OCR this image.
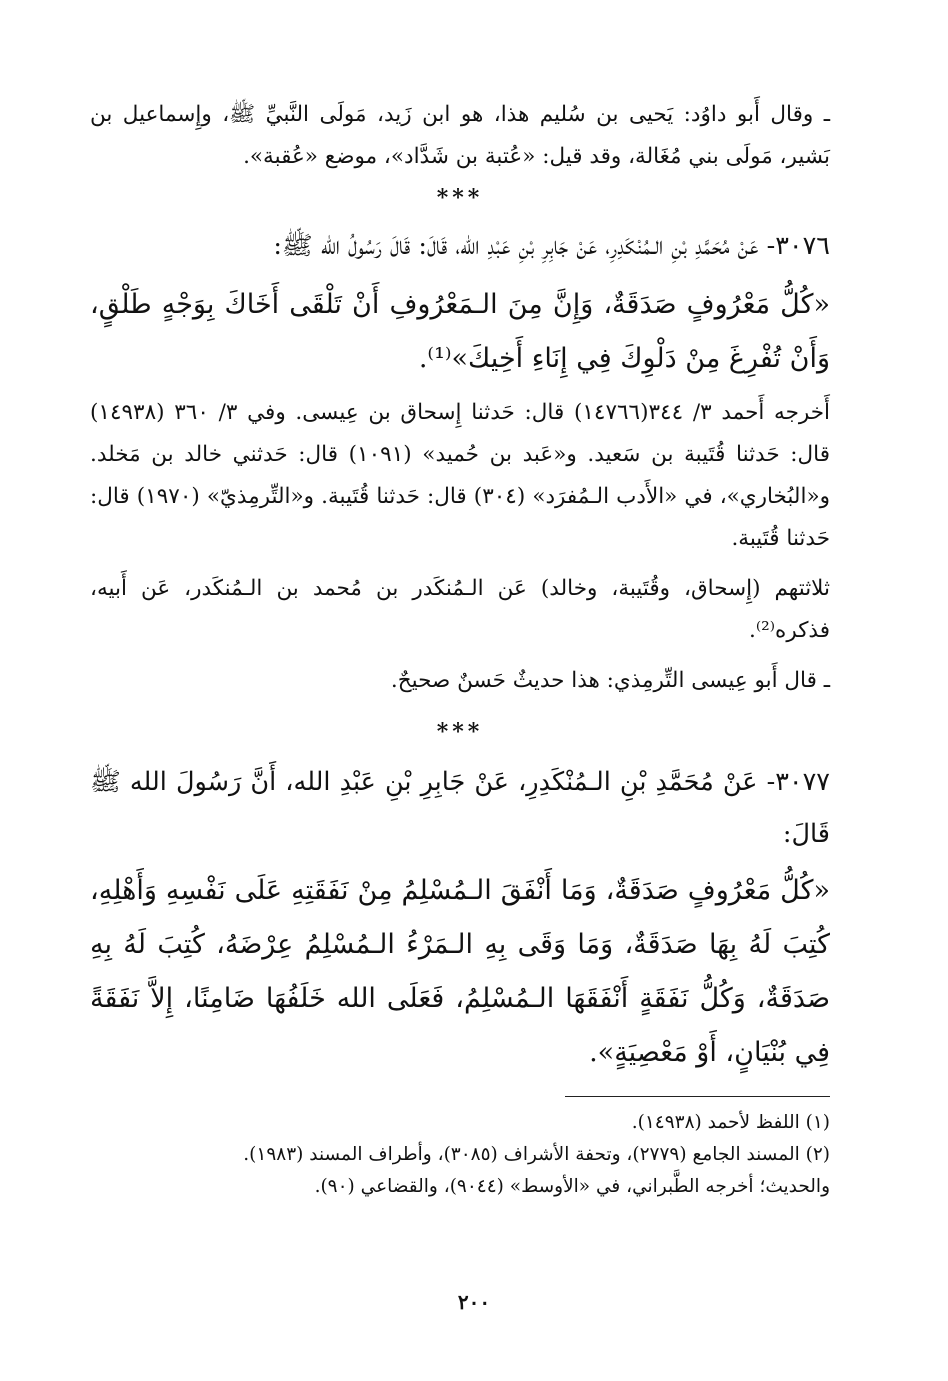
ـ وقال أَبو داوُد: يَحيى بن سُليم هذا، هو ابن زَيد، مَولَى النَّبيِّ ﷺ، وإِسماعيل بن بَشير، مَولَى بني مُغَالة، وقد قيل: «عُتبة بن شَدَّاد»، موضع «عُقبة».

***

٣٠٧٦- عَنْ مُحَمَّدِ بْنِ الـمُنْكَدِرِ، عَنْ جَابِرِ بْنِ عَبْدِ الله، قَالَ: قَالَ رَسُولُ الله ﷺ:

«كُلُّ مَعْرُوفٍ صَدَقَةٌ، وَإِنَّ مِنَ الـمَعْرُوفِ أَنْ تَلْقَى أَخَاكَ بِوَجْهٍ طَلْقٍ، وَأَنْ تُفْرِغَ مِنْ دَلْوِكَ فِي إِنَاءِ أَخِيكَ»⁽¹⁾.

أَخرجه أَحمد ٣/ ٣٤٤(١٤٧٦٦) قال: حَدثنا إِسحاق بن عِيسى. وفي ٣/ ٣٦٠ (١٤٩٣٨) قال: حَدثنا قُتَيبة بن سَعيد. و«عَبد بن حُميد» (١٠٩١) قال: حَدثني خالد بن مَخلد. و«البُخاري»، في «الأَدب الـمُفرَد» (٣٠٤) قال: حَدثنا قُتَيبة. و«التِّرمِذيّ» (١٩٧٠) قال: حَدثنا قُتَيبة.

ثلاثتهم (إِسحاق، وقُتَيبة، وخالد) عَن الـمُنكَدر بن مُحمد بن الـمُنكَدر، عَن أَبيه، فذكره⁽²⁾.

ـ قال أَبو عِيسى التِّرمِذي: هذا حديثٌ حَسنٌ صحيحٌ.

***

٣٠٧٧- عَنْ مُحَمَّدِ بْنِ الـمُنْكَدِرِ، عَنْ جَابِرِ بْنِ عَبْدِ الله، أَنَّ رَسُولَ الله ﷺ قَالَ:

«كُلُّ مَعْرُوفٍ صَدَقَةٌ، وَمَا أَنْفَقَ الـمُسْلِمُ مِنْ نَفَقَتِهِ عَلَى نَفْسِهِ وَأَهْلِهِ، كُتِبَ لَهُ بِهَا صَدَقَةٌ، وَمَا وَقَى بِهِ الـمَرْءُ الـمُسْلِمُ عِرْضَهُ، كُتِبَ لَهُ بِهِ صَدَقَةٌ، وَكُلُّ نَفَقَةٍ أَنْفَقَهَا الـمُسْلِمُ، فَعَلَى الله خَلَفُهَا ضَامِنًا، إِلاَّ نَفَقَةً فِي بُنْيَانٍ، أَوْ مَعْصِيَةٍ».

(١) اللفظ لأحمد (١٤٩٣٨).

(٢) المسند الجامع (٢٧٧٩)، وتحفة الأشراف (٣٠٨٥)، وأطراف المسند (١٩٨٣).

والحديث؛ أخرجه الطَّبراني، في «الأوسط» (٩٠٤٤)، والقضاعي (٩٠).

٢٠٠
